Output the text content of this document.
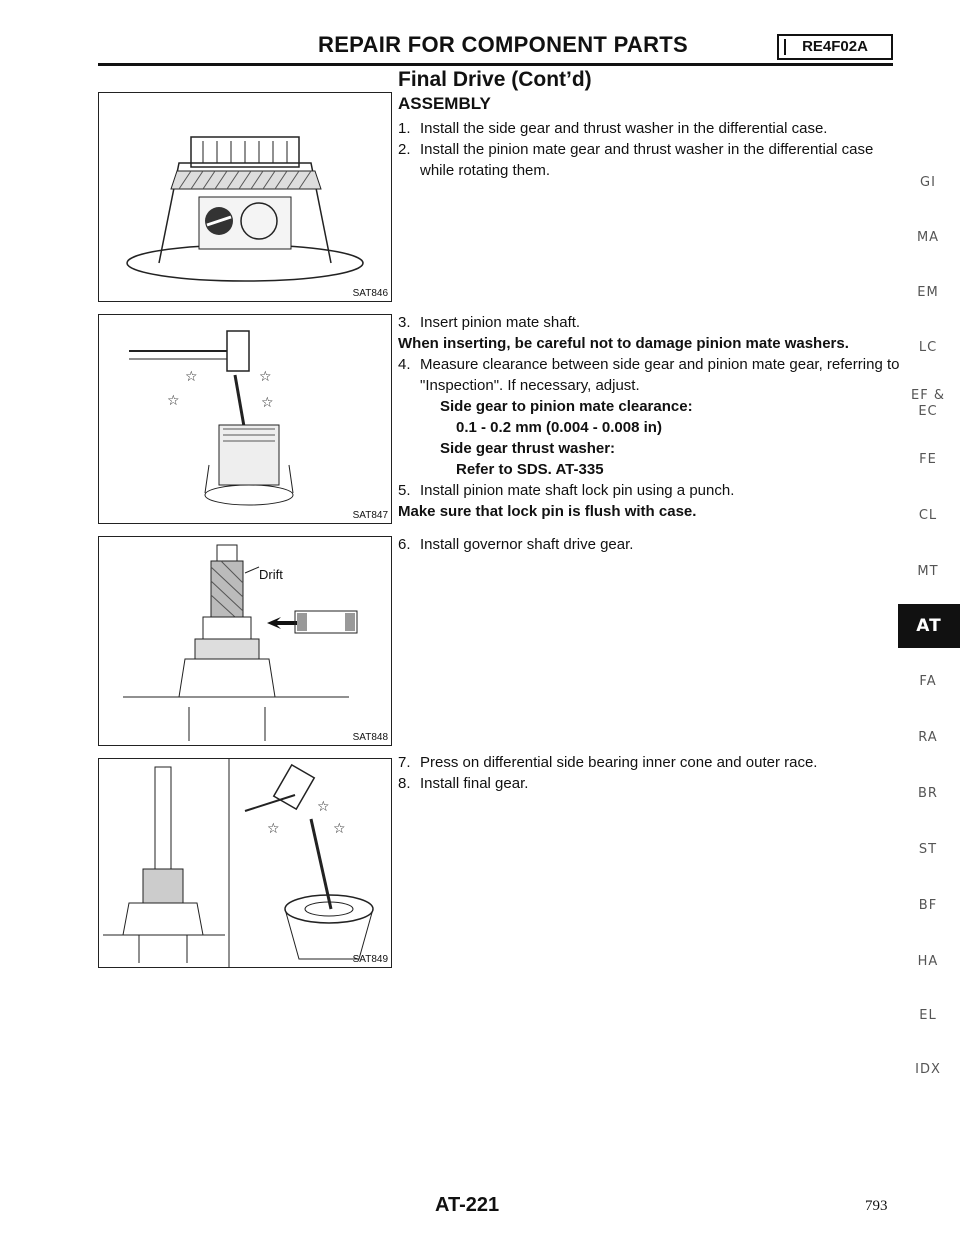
REPAIR FOR COMPONENT PARTS	RE4F02A
Final Drive (Cont’d)
ASSEMBLY
SAT846
☆	☆
☆	☆
SAT847
Drift
SAT848
☆
☆	☆
SAT849
1. Install the side gear and thrust washer in the differential case.
2. Install the pinion mate gear and thrust washer in the differential case while rotating them.
3. Insert pinion mate shaft.
When inserting, be careful not to damage pinion mate washers.
4. Measure clearance between side gear and pinion mate gear, referring to "Inspection". If necessary, adjust.
Side gear to pinion mate clearance:
0.1 - 0.2 mm (0.004 - 0.008 in)
Side gear thrust washer:
Refer to SDS. AT-335
5. Install pinion mate shaft lock pin using a punch.
Make sure that lock pin is flush with case.
6. Install governor shaft drive gear.
7. Press on differential side bearing inner cone and outer race.
8. Install final gear.
GI
MA
EM
LC
EF &
EC
FE
CL
MT
AT
FA
RA
BR
ST
BF
HA
EL
IDX
AT-221	793
